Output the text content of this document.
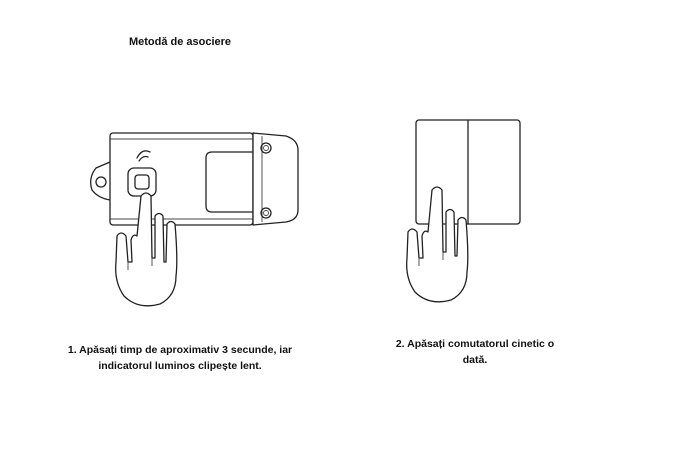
Metodă de asociere
1. Apăsați timp de aproximativ 3 secunde, iar
indicatorul luminos clipește lent.
2. Apăsați comutatorul cinetic o
dată.
